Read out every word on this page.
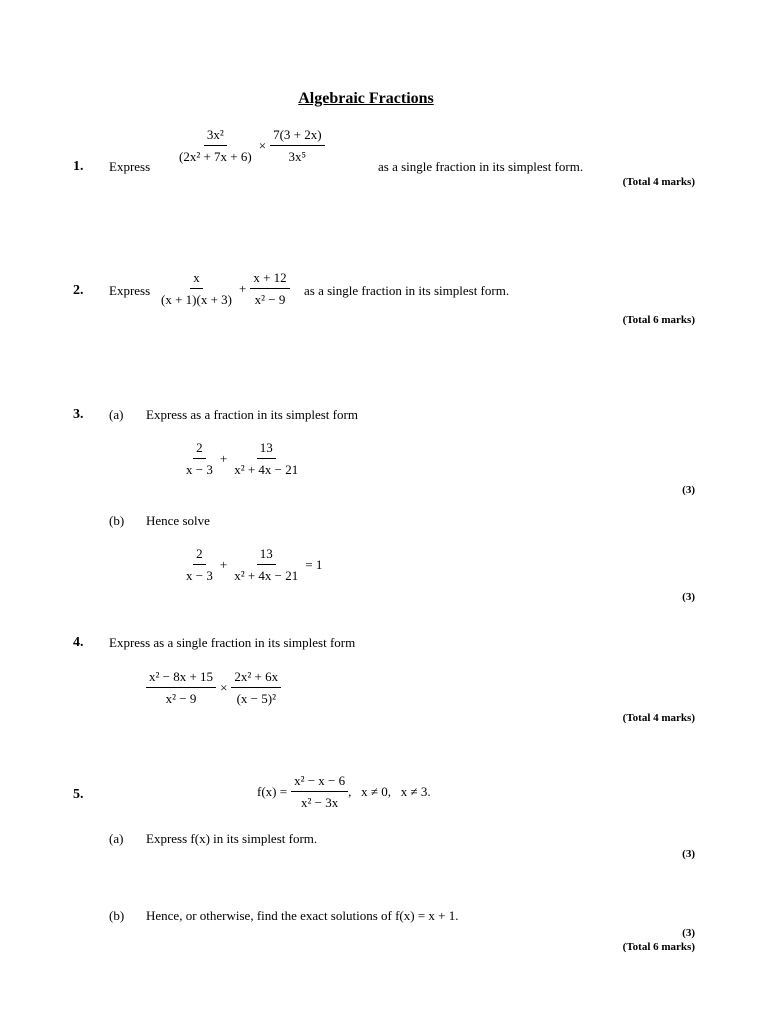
Algebraic Fractions
1. Express
$\frac{\text{3x²}}{\text{(2x² + 7x + 6)}} \times \frac{7(3 + 2x)}{\text{3x⁵}}$
as a single fraction in its simplest form.
(Total 4 marks)
2. Express $\frac{x}{(x + 1)(x + 3)} + \frac{x + 12}{\text{x² − 9}}$ as a single fraction in its simplest form.
(Total 6 marks)
3. (a) Express as a fraction in its simplest form
$\frac{2}{x - 3} + \frac{13}{\text{x² + 4x − 21}}$
(3)
(b) Hence solve
$\frac{2}{x - 3} + \frac{13}{\text{x² + 4x − 21}} = 1$
(3)
4. Express as a single fraction in its simplest form
$\frac{\text{x² − 8x + 15}}{\text{x² − 9}} \times \frac{\text{2x² + 6x}}{\text{(x − 5)²}}$
(Total 4 marks)
5.	$f(x) = \frac{\text{x² − x − 6}}{\text{x² − 3x}}$ ,   x ≠ 0,   x ≠ 3.
(a) Express f(x) in its simplest form.
(3)
(b) Hence, or otherwise, find the exact solutions of f(x) = x + 1.
(3)
(Total 6 marks)
